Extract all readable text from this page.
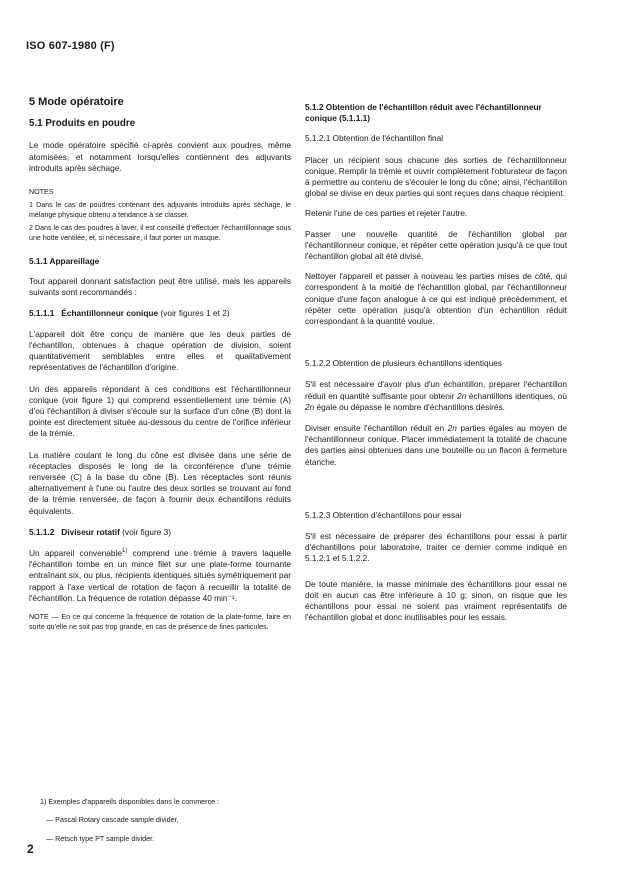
ISO 607-1980 (F)
5 Mode opératoire
5.1 Produits en poudre

Le mode opératoire spécifié ci-après convient aux poudres, même atomisées, et notamment lorsqu'elles contiennent des adjuvants introduits après séchage.

NOTES

1 Dans le cas de poudres contenant des adjuvants introduits après séchage, le mélange physique obtenu a tendance à se classer.

2 Dans le cas des poudres à laver, il est conseillé d'effectuer l'échantillonnage sous une hotte ventilée, et, si nécessaire, il faut porter un masque.

5.1.1 Appareillage

Tout appareil donnant satisfaction peut être utilisé, mais les appareils suivants sont recommandés :

5.1.1.1 Échantillonneur conique (voir figures 1 et 2)

L'appareil doit être conçu de manière que les deux parties de l'échantillon, obtenues à chaque opération de division, soient quantitativement semblables entre elles et qualitativement représentatives de l'échantillon d'origine.

Un des appareils répondant à ces conditions est l'échantillonneur conique (voir figure 1) qui comprend essentiellement une trémie (A) d'où l'échantillon à diviser s'écoule sur la surface d'un cône (B) dont la pointe est directement située au-dessous du centre de l'orifice inférieur de la trémie.

La matière coulant le long du cône est divisée dans une série de réceptacles disposés le long de la circonférence d'une trémie renversée (C) à la base du cône (B). Les réceptacles sont réunis alternativement à l'une ou l'autre des deux sorties se trouvant au fond de la trémie renversée, de façon à fournir deux échantillons réduits équivalents.

5.1.1.2 Diviseur rotatif (voir figure 3)

Un appareil convenable$^{1)}$ comprend une trémie à travers laquelle l'échantillon tombe en un mince filet sur une plate-forme tournante entraînant six, ou plus, récipients identiques situés symétriquement par rapport à l'axe vertical de rotation de façon à recueillir la totalité de l'échantillon. La fréquence de rotation dépasse 40 min⁻¹.

NOTE — En ce qui concerne la fréquence de rotation de la plate-forme, faire en sorte qu'elle ne soit pas trop grande, en cas de présence de fines particules.

5.1.2 Obtention de l'échantillon réduit avec l'échantillonneur conique (5.1.1.1)
5.1.2.1 Obtention de l'échantillon final

Placer un récipient sous chacune des sorties de l'échantillonneur conique. Remplir la trémie et ouvrir complètement l'obturateur de façon à permettre au contenu de s'écouler le long du cône; ainsi, l'échantillon global se divise en deux parties qui sont reçues dans chaque récipient.

Retenir l'une de ces parties et rejeter l'autre.

Passer une nouvelle quantité de l'échantillon global par l'échantillonneur conique, et répéter cette opération jusqu'à ce que tout l'échantillon global ait été divisé.

Nettoyer l'appareil et passer à nouveau les parties mises de côté, qui correspondent à la moitié de l'échantillon global, par l'échantillonneur conique d'une façon analogue à ce qui est indiqué précédemment, et répéter cette opération jusqu'à obtention d'un échantillon réduit correspondant à la quantité voulue.

5.1.2.2 Obtention de plusieurs échantillons identiques

S'il est nécessaire d'avoir plus d'un échantillon, préparer l'échantillon réduit en quantité suffisante pour obtenir 2n échantillons identiques, où 2n égale ou dépasse le nombre d'échantillons désirés.

Diviser ensuite l'échantillon réduit en 2n parties égales au moyen de l'échantillonneur conique. Placer immédiatement la totalité de chacune des parties ainsi obtenues dans une bouteille ou un flacon à fermeture étanche.

5.1.2.3 Obtention d'échantillons pour essai

S'il est nécessaire de préparer des échantillons pour essai à partir d'échantillons pour laboratoire, traiter ce dernier comme indiqué en 5.1.2.1 et 5.1.2.2.

De toute manière, la masse minimale des échantillons pour essai ne doit en aucun cas être inférieure à 10 g; sinon, on risque que les échantillons pour essai ne soient pas vraiment représentatifs de l'échantillon global et donc inutilisables pour les essais.

1) Exemples d'appareils disponibles dans le commerce :
— Pascal Rotary cascade sample divider,
— Retsch type PT sample divider.
2
